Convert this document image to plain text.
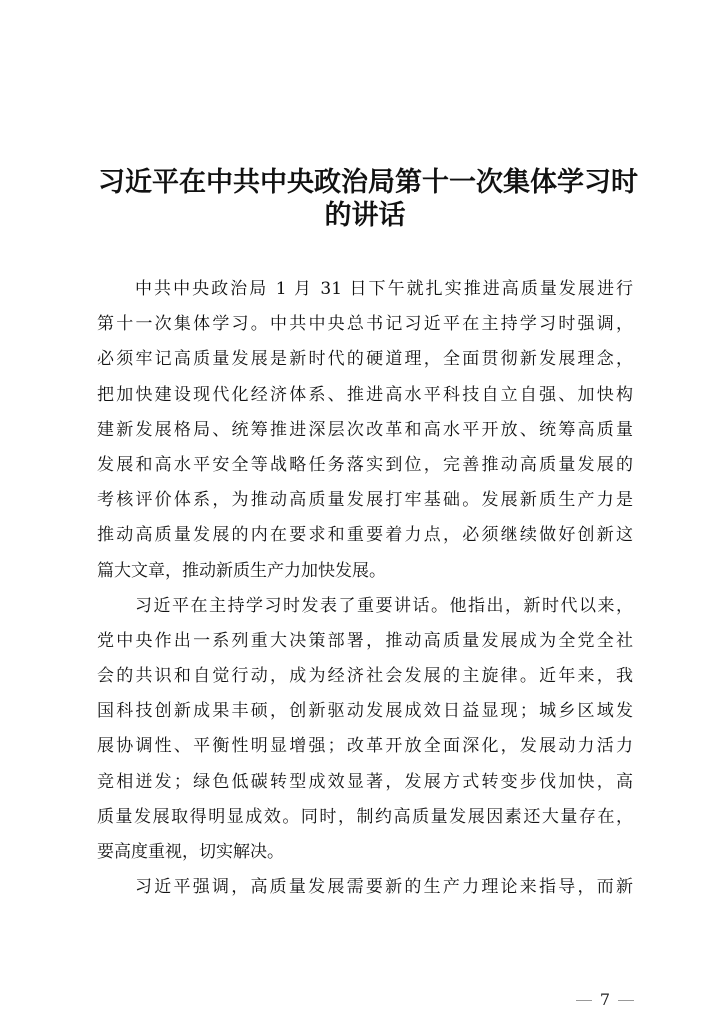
习近平在中共中央政治局第十一次集体学习时
的讲话
中共中央政治局 1 月 31 日下午就扎实推进高质量发展进行
第十一次集体学习。中共中央总书记习近平在主持学习时强调，
必须牢记高质量发展是新时代的硬道理，全面贯彻新发展理念，
把加快建设现代化经济体系、推进高水平科技自立自强、加快构
建新发展格局、统筹推进深层次改革和高水平开放、统筹高质量
发展和高水平安全等战略任务落实到位，完善推动高质量发展的
考核评价体系，为推动高质量发展打牢基础。发展新质生产力是
推动高质量发展的内在要求和重要着力点，必须继续做好创新这
篇大文章，推动新质生产力加快发展。
习近平在主持学习时发表了重要讲话。他指出，新时代以来，
党中央作出一系列重大决策部署，推动高质量发展成为全党全社
会的共识和自觉行动，成为经济社会发展的主旋律。近年来，我
国科技创新成果丰硕，创新驱动发展成效日益显现；城乡区域发
展协调性、平衡性明显增强；改革开放全面深化，发展动力活力
竞相迸发；绿色低碳转型成效显著，发展方式转变步伐加快，高
质量发展取得明显成效。同时，制约高质量发展因素还大量存在，
要高度重视，切实解决。
习近平强调，高质量发展需要新的生产力理论来指导，而新
7
